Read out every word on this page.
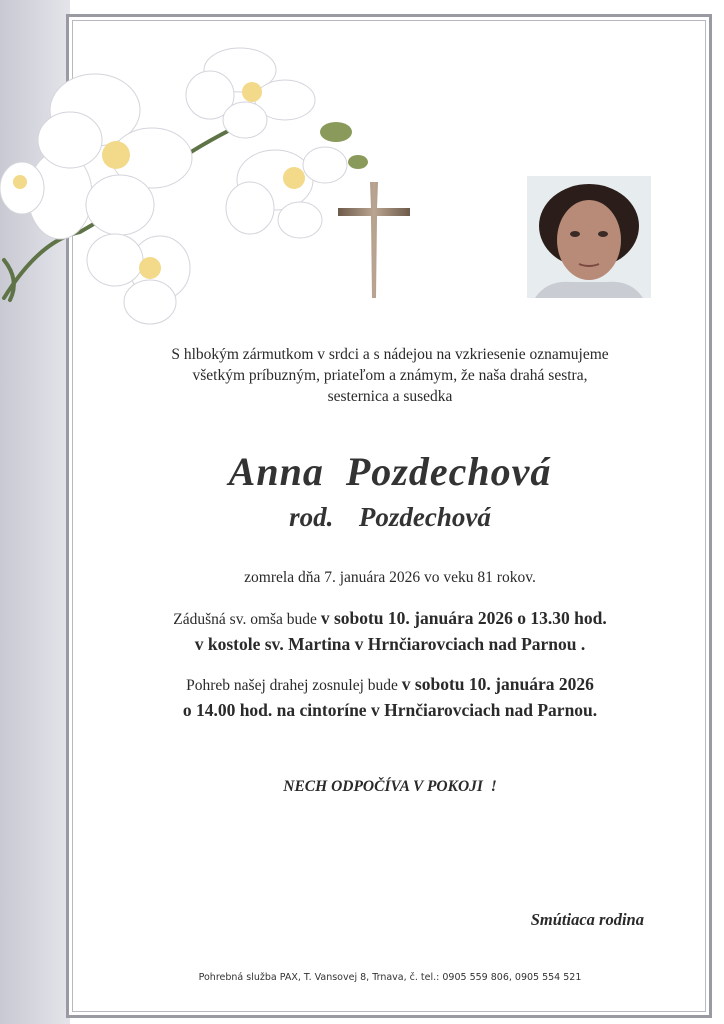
S hlbokým zármutkom v srdci a s nádejou na vzkriesenie oznamujeme
všetkým príbuzným, priateľom a známym, že naša drahá sestra,
sesternica a susedka
Anna  Pozdechová
rod.  Pozdechová
zomrela dňa 7. januára 2026 vo veku 81 rokov.
Zádušná sv. omša bude v sobotu 10. januára 2026 o 13.30 hod.
v kostole sv. Martina v Hrnčiarovciach nad Parnou .
Pohreb našej drahej zosnulej bude v sobotu 10. januára 2026
o 14.00 hod. na cintoríne v Hrnčiarovciach nad Parnou.
NECH ODPOČÍVA V POKOJI  !
Smútiaca rodina
Pohrebná služba PAX, T. Vansovej 8, Trnava, č. tel.: 0905 559 806, 0905 554 521
